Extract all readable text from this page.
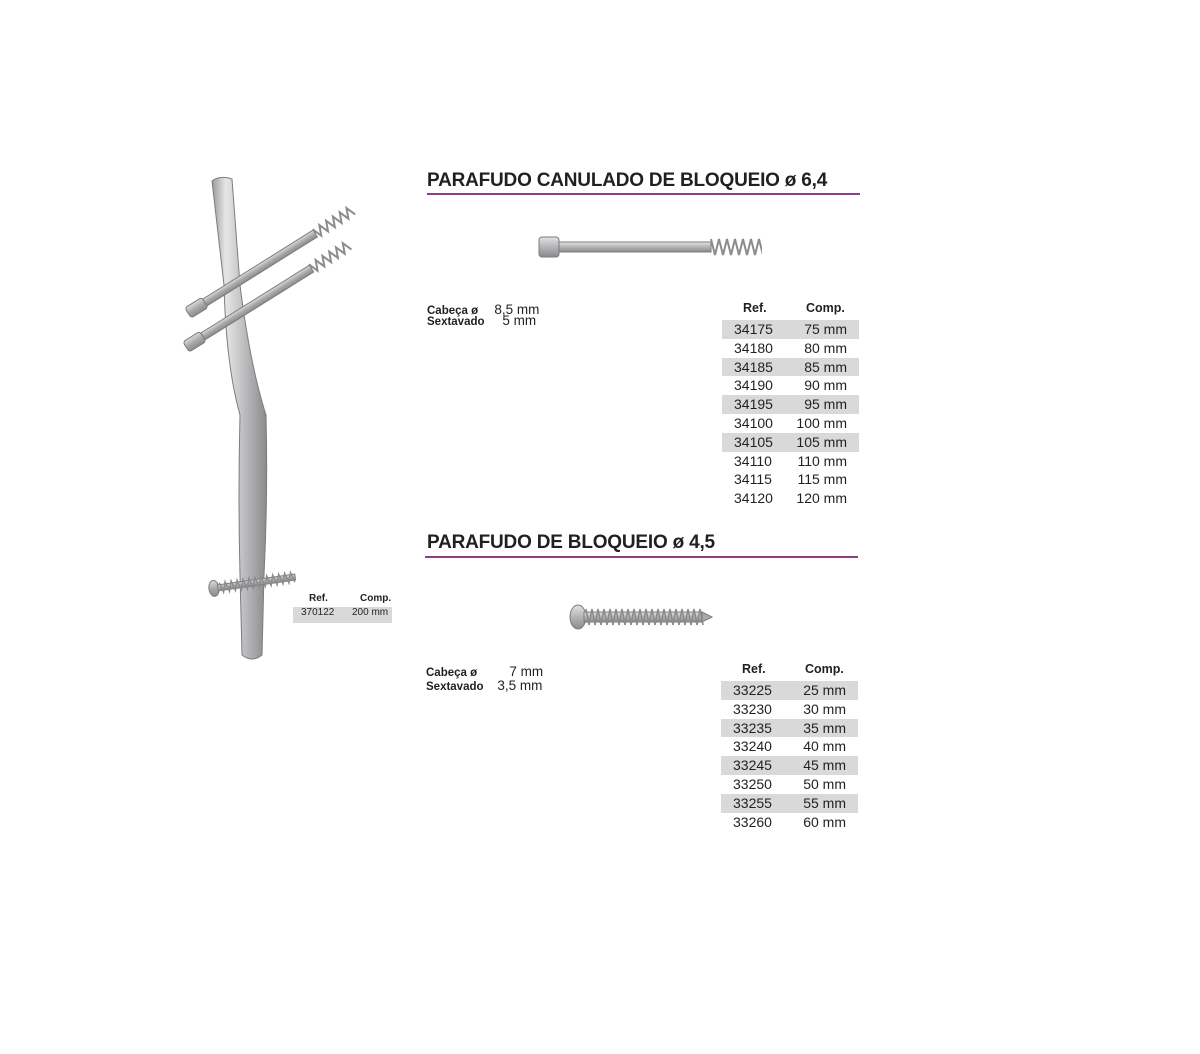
Ref.	Comp.
370122 200 mm
PARAFUDO CANULADO DE BLOQUEIO ø 6,4
Cabeça ø 8,5 mm
Sextavado 5 mm
Ref.	Comp.
34175 75 mm
34180 80 mm
34185 85 mm
34190 90 mm
34195 95 mm
34100 100 mm
34105 105 mm
34110 110 mm
34115 115 mm
34120 120 mm
PARAFUDO DE BLOQUEIO ø 4,5
Cabeça ø 7 mm
Sextavado 3,5 mm
Ref.	Comp.
33225 25 mm
33230 30 mm
33235 35 mm
33240 40 mm
33245 45 mm
33250 50 mm
33255 55 mm
33260 60 mm
